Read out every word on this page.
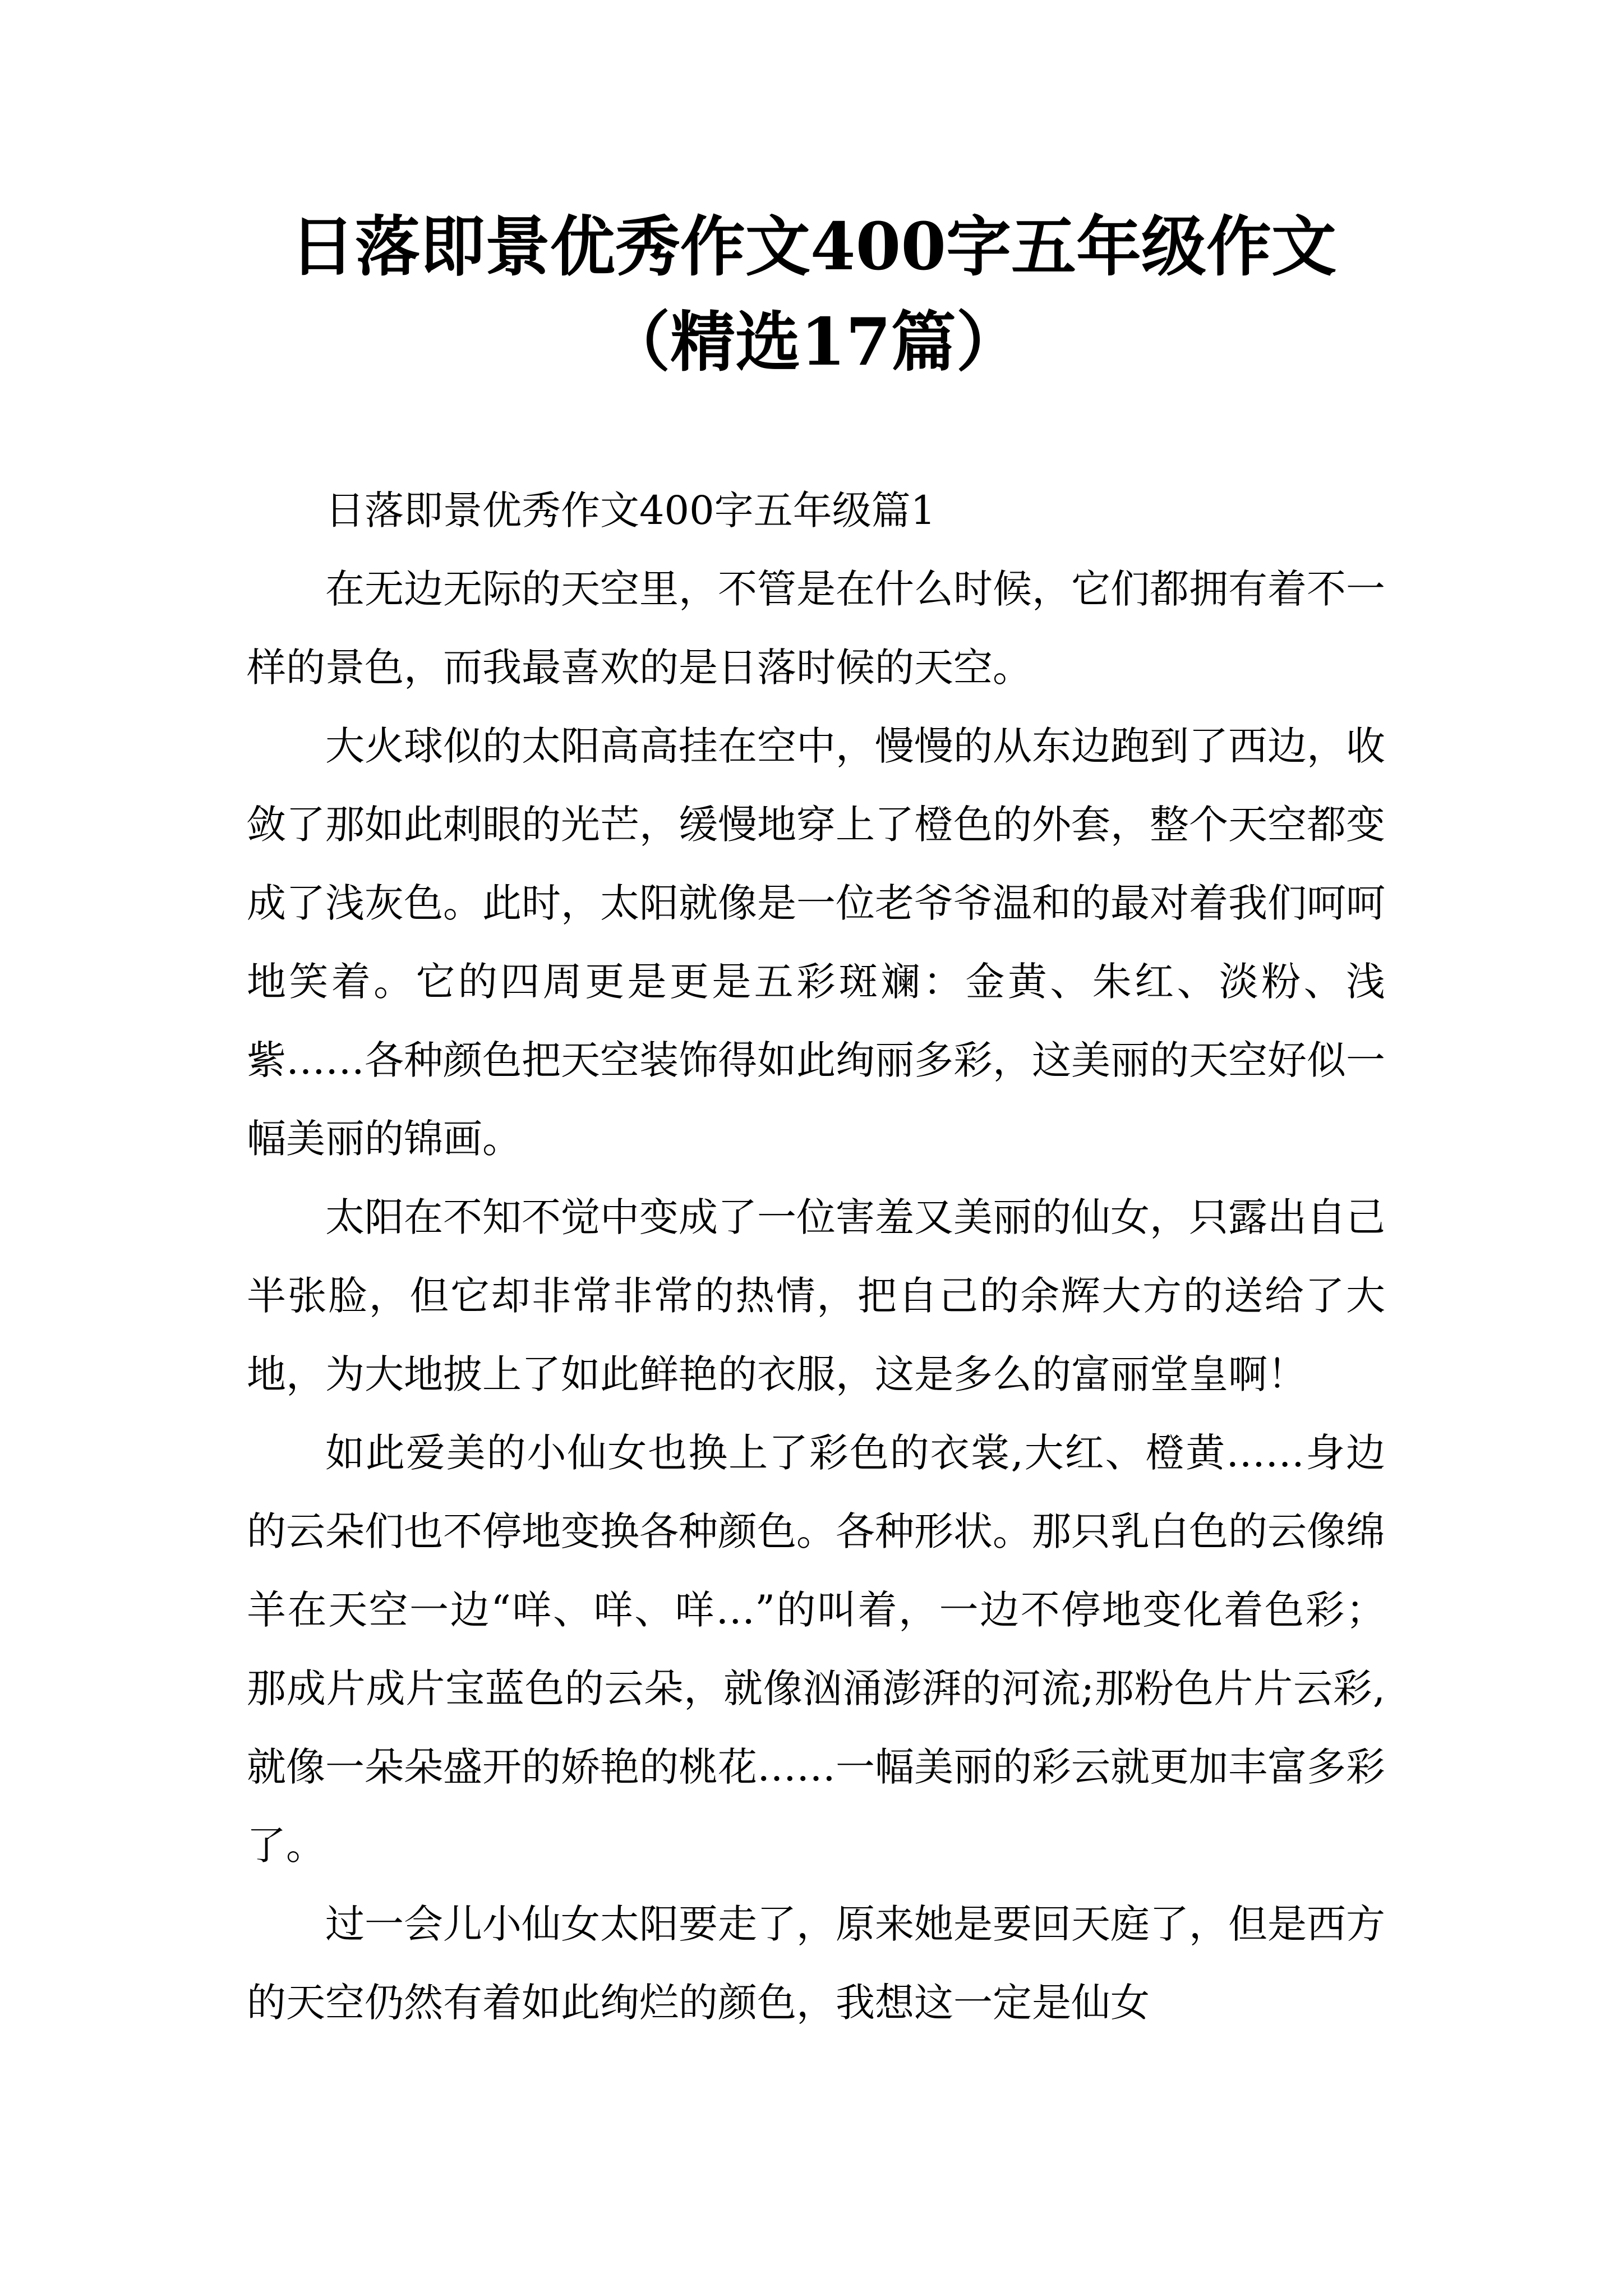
日落即景优秀作文400字五年级作文（精选17篇）

日落即景优秀作文400字五年级篇1

在无边无际的天空里，不管是在什么时候，它们都拥有着不一样的景色，而我最喜欢的是日落时候的天空。

大火球似的太阳高高挂在空中，慢慢的从东边跑到了西边，收敛了那如此刺眼的光芒，缓慢地穿上了橙色的外套，整个天空都变成了浅灰色。此时，太阳就像是一位老爷爷温和的最对着我们呵呵地笑着。它的四周更是更是五彩斑斓：金黄、朱红、淡粉、浅紫……各种颜色把天空装饰得如此绚丽多彩，这美丽的天空好似一幅美丽的锦画。

太阳在不知不觉中变成了一位害羞又美丽的仙女，只露出自己半张脸，但它却非常非常的热情，把自己的余辉大方的送给了大地，为大地披上了如此鲜艳的衣服，这是多么的富丽堂皇啊！

如此爱美的小仙女也换上了彩色的衣裳,大红、橙黄……身边的云朵们也不停地变换各种颜色。各种形状。那只乳白色的云像绵羊在天空一边“咩、咩、咩…”的叫着，一边不停地变化着色彩；那成片成片宝蓝色的云朵，就像汹涌澎湃的河流;那粉色片片云彩,就像一朵朵盛开的娇艳的桃花……一幅美丽的彩云就更加丰富多彩了。

过一会儿小仙女太阳要走了，原来她是要回天庭了，但是西方的天空仍然有着如此绚烂的颜色，我想这一定是仙女
